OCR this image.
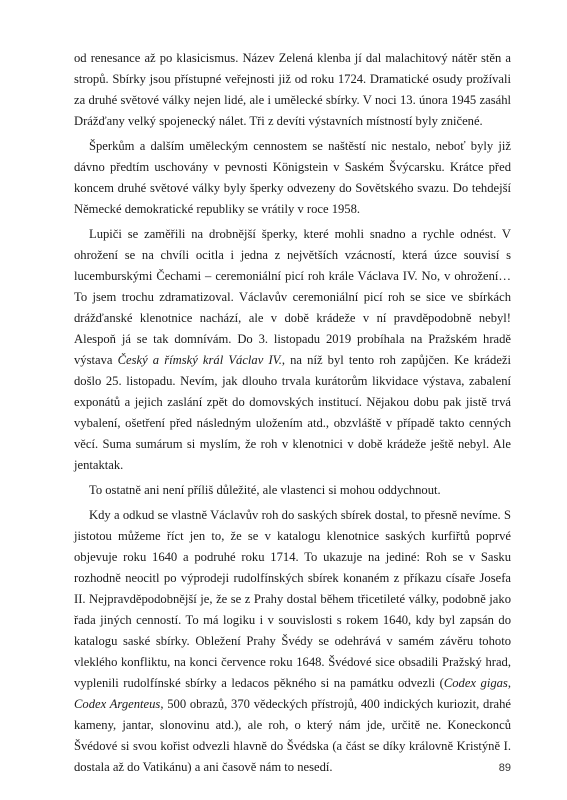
od renesance až po klasicismus. Název Zelená klenba jí dal malachitový nátěr stěn a stropů. Sbírky jsou přístupné veřejnosti již od roku 1724. Dramatické osudy prožívali za druhé světové války nejen lidé, ale i umělecké sbírky. V noci 13. února 1945 zasáhl Drážďany velký spojenecký nálet. Tři z devíti výstavních místností byly zničené.

Šperkům a dalším uměleckým cennostem se naštěstí nic nestalo, neboť byly již dávno předtím uschovány v pevnosti Königstein v Saském Švýcarsku. Krátce před koncem druhé světové války byly šperky odvezeny do Sovětského svazu. Do tehdejší Německé demokratické republiky se vrátily v roce 1958.

Lupiči se zaměřili na drobnější šperky, které mohli snadno a rychle odnést. V ohrožení se na chvíli ocitla i jedna z největších vzácností, která úzce souvisí s lucemburskými Čechami – ceremoniální picí roh krále Václava IV. No, v ohrožení… To jsem trochu zdramatizoval. Václavův ceremoniální picí roh se sice ve sbírkách drážďanské klenotnice nachází, ale v době krádeže v ní pravděpodobně nebyl! Alespoň já se tak domnívám. Do 3. listopadu 2019 probíhala na Pražském hradě výstava Český a římský král Václav IV., na níž byl tento roh zapůjčen. Ke krádeži došlo 25. listopadu. Nevím, jak dlouho trvala kurátorům likvidace výstava, zabalení exponátů a jejich zaslání zpět do domovských institucí. Nějakou dobu pak jistě trvá vybalení, ošetření před následným uložením atd., obzvláště v případě takto cenných věcí. Suma sumárum si myslím, že roh v klenotnici v době krádeže ještě nebyl. Ale jentaktak.

To ostatně ani není příliš důležité, ale vlastenci si mohou oddychnout.

Kdy a odkud se vlastně Václavův roh do saských sbírek dostal, to přesně nevíme. S jistotou můžeme říct jen to, že se v katalogu klenotnice saských kurfiřtů poprvé objevuje roku 1640 a podruhé roku 1714. To ukazuje na jediné: Roh se v Sasku rozhodně neocitl po výprodeji rudolfínských sbírek konaném z příkazu císaře Josefa II. Nejpravděpodobnější je, že se z Prahy dostal během třicetileté války, podobně jako řada jiných cenností. To má logiku i v souvislosti s rokem 1640, kdy byl zapsán do katalogu saské sbírky. Obležení Prahy Švédy se odehrává v samém závěru tohoto vleklého konfliktu, na konci července roku 1648. Švédové sice obsadili Pražský hrad, vyplenili rudolfínské sbírky a ledacos pěkného si na památku odvezli (Codex gigas, Codex Argenteus, 500 obrazů, 370 vědeckých přístrojů, 400 indických kuriozit, drahé kameny, jantar, slonovinu atd.), ale roh, o který nám jde, určitě ne. Koneckonců Švédové si svou kořist odvezli hlavně do Švédska (a část se díky královně Kristýně I. dostala až do Vatikánu) a ani časově nám to nesedí.	89
